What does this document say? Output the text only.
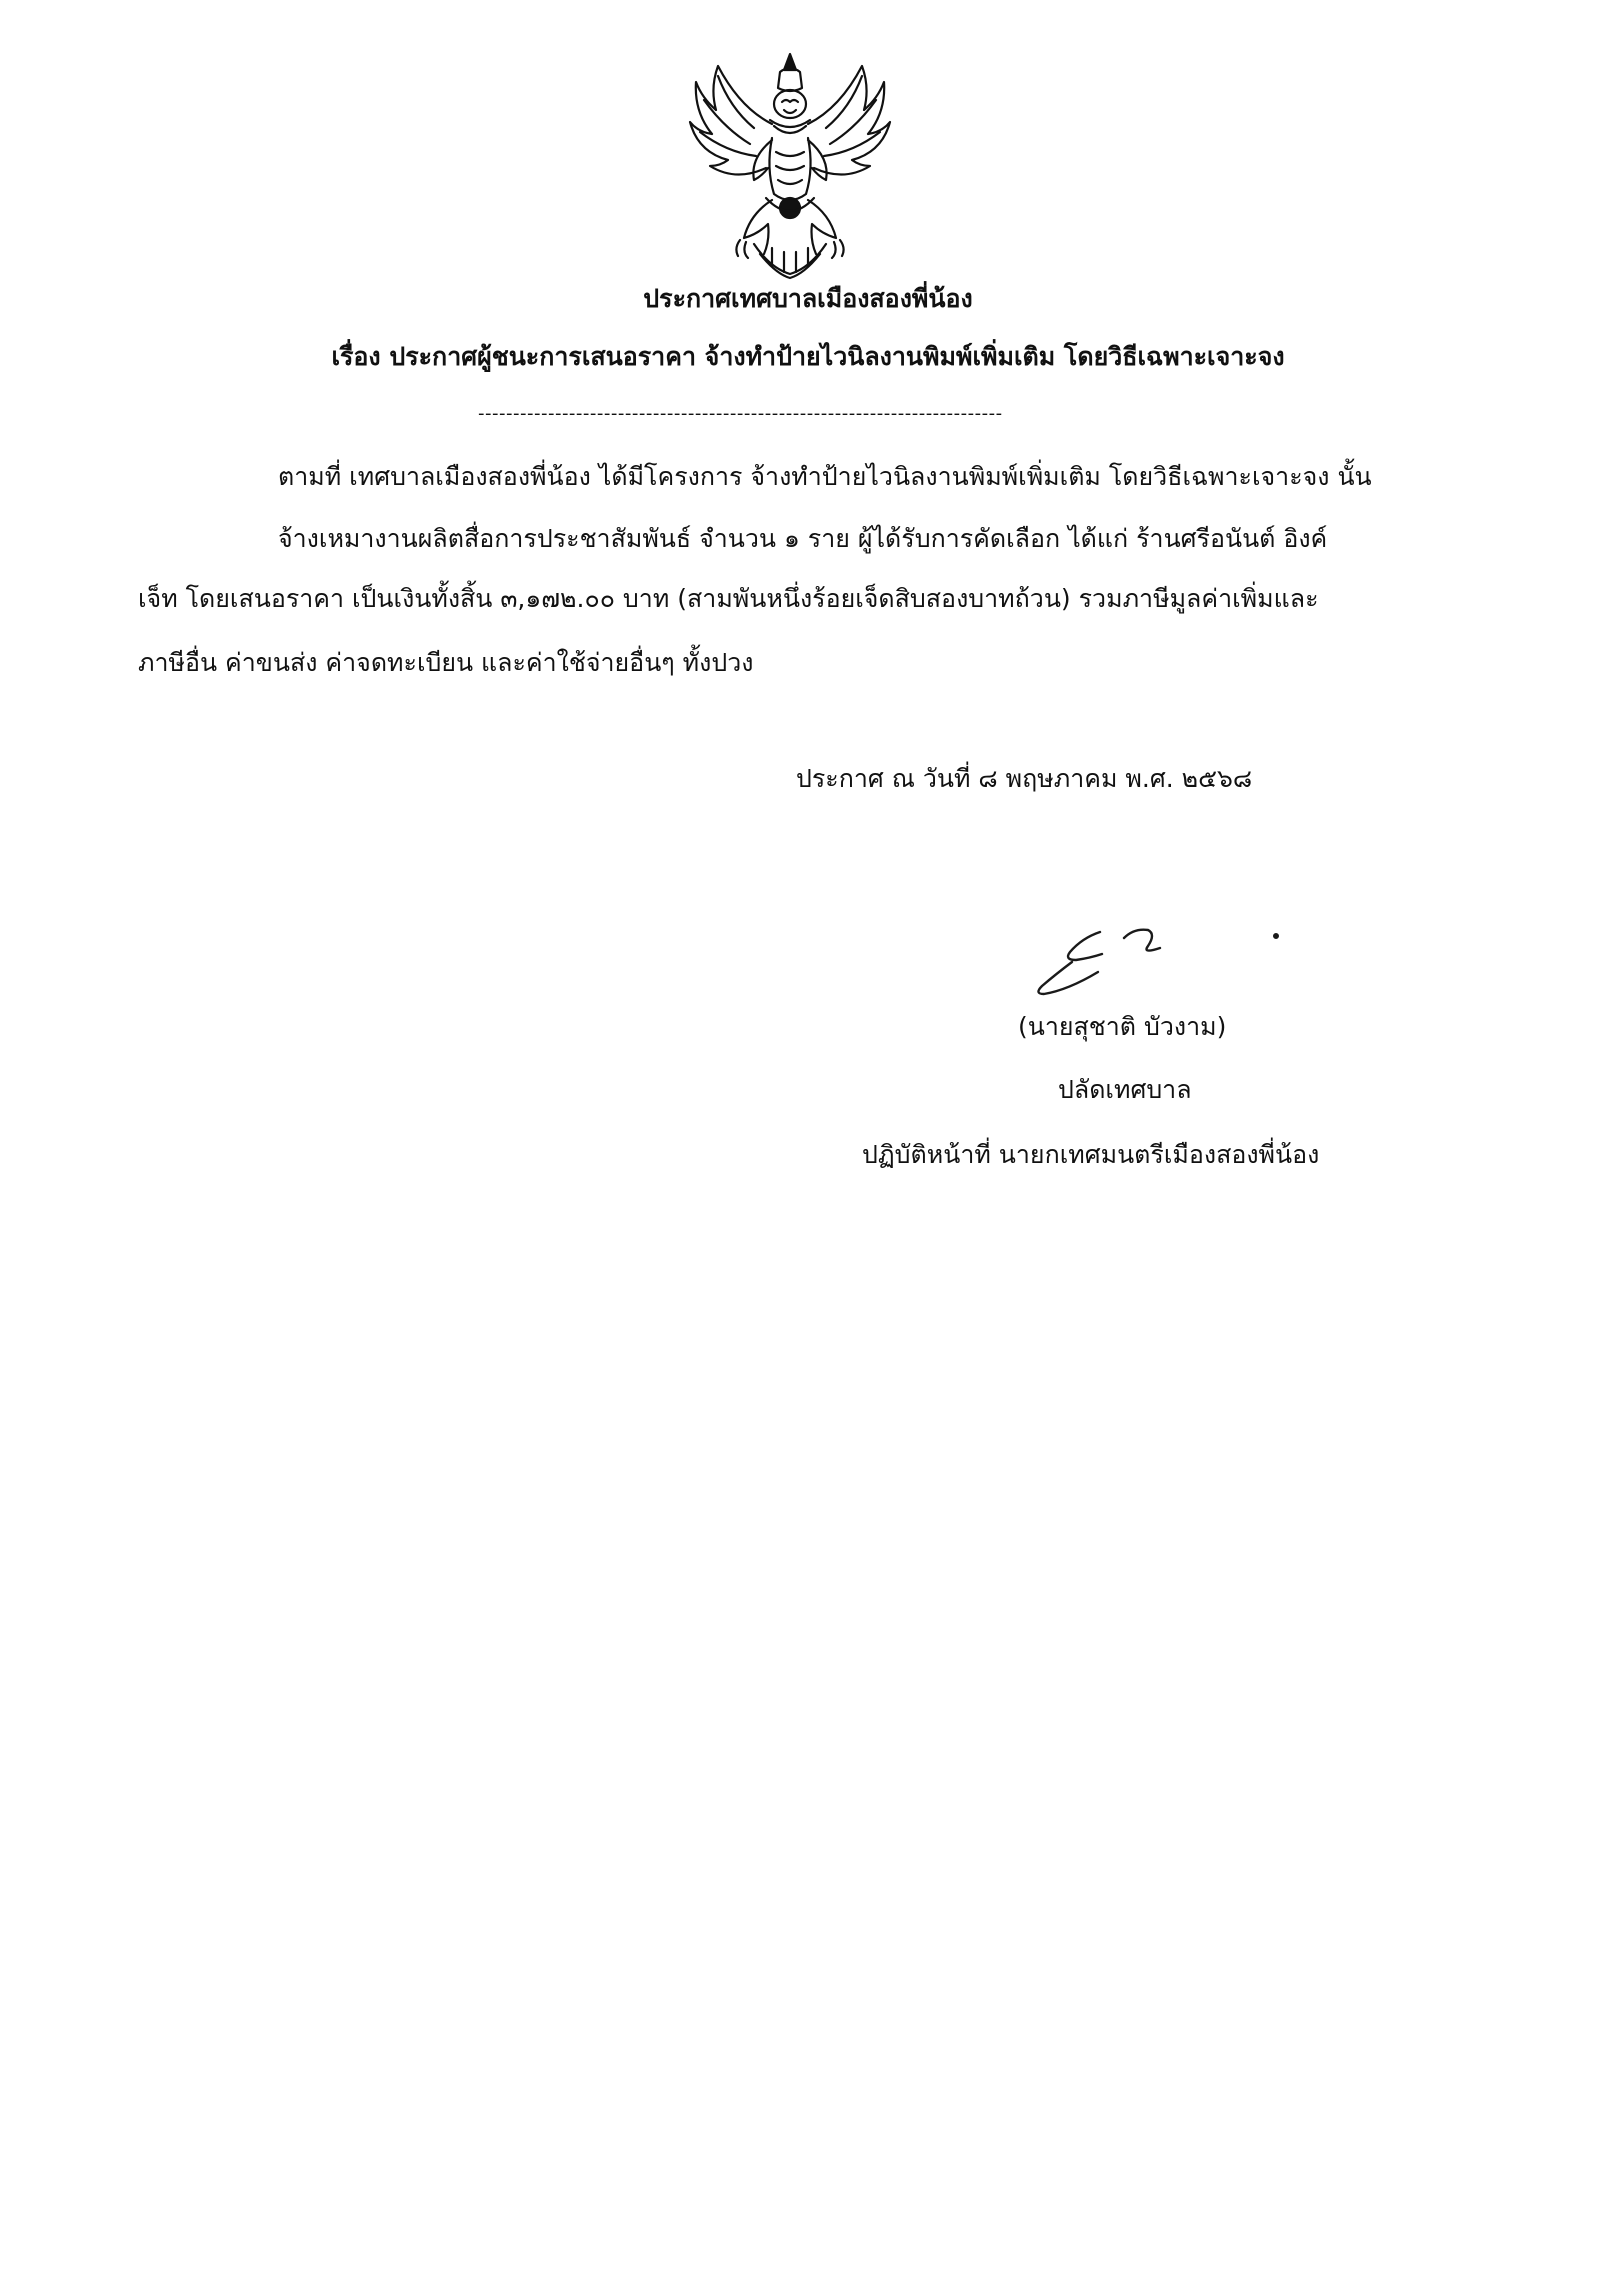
ประกาศเทศบาลเมืองสองพี่น้อง
เรื่อง ประกาศผู้ชนะการเสนอราคา จ้างทำป้ายไวนิลงานพิมพ์เพิ่มเติม โดยวิธีเฉพาะเจาะจง
---------------------------------------------------------------------------
ตามที่ เทศบาลเมืองสองพี่น้อง ได้มีโครงการ จ้างทำป้ายไวนิลงานพิมพ์เพิ่มเติม โดยวิธีเฉพาะเจาะจง นั้น
จ้างเหมางานผลิตสื่อการประชาสัมพันธ์ จำนวน ๑ ราย ผู้ได้รับการคัดเลือก ได้แก่ ร้านศรีอนันต์ อิงค์
เจ็ท โดยเสนอราคา เป็นเงินทั้งสิ้น ๓,๑๗๒.๐๐ บาท (สามพันหนึ่งร้อยเจ็ดสิบสองบาทถ้วน) รวมภาษีมูลค่าเพิ่มและ
ภาษีอื่น ค่าขนส่ง ค่าจดทะเบียน และค่าใช้จ่ายอื่นๆ ทั้งปวง
ประกาศ ณ วันที่ ๘ พฤษภาคม พ.ศ. ๒๕๖๘
(นายสุชาติ บัวงาม)
ปลัดเทศบาล
ปฏิบัติหน้าที่ นายกเทศมนตรีเมืองสองพี่น้อง
